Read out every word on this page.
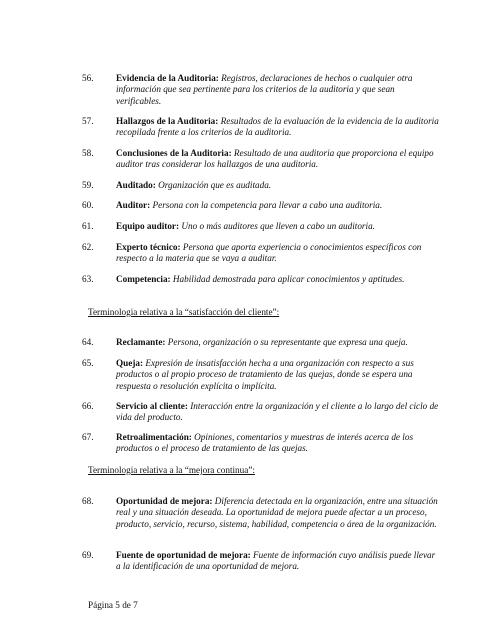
56. Evidencia de la Auditoria: Registros, declaraciones de hechos o cualquier otra información que sea pertinente para los criterios de la auditoria y que sean verificables.
57. Hallazgos de la Auditoria: Resultados de la evaluación de la evidencia de la auditoria recopilada frente a los criterios de la auditoria.
58. Conclusiones de la Auditoria: Resultado de una auditoria que proporciona el equipo auditor tras considerar los hallazgos de una auditoria.
59. Auditado: Organización que es auditada.
60. Auditor: Persona con la competencia para llevar a cabo una auditoria.
61. Equipo auditor: Uno o más auditores que lleven a cabo un auditoria.
62. Experto técnico: Persona que aporta experiencia o conocimientos específicos con respecto a la materia que se vaya a auditar.
63. Competencia: Habilidad demostrada para aplicar conocimientos y aptitudes.
Terminologia relativa a la “satisfacción del cliente”:
64. Reclamante: Persona, organización o su representante que expresa una queja.
65. Queja: Expresión de insatisfacción hecha a una organización con respecto a sus productos o al propio proceso de tratamiento de las quejas, donde se espera una respuesta o resolución explícita o implícita.
66. Servicio al cliente: Interacción entre la organización y el cliente a lo largo del ciclo de vida del producto.
67. Retroalimentación: Opiniones, comentarios y muestras de interés acerca de los productos o el proceso de tratamiento de las quejas.
Terminologia relativa a la “mejora continua”:
68. Oportunidad de mejora: Diferencia detectada en la organización, entre una situación real y una situación deseada. La oportunidad de mejora puede afectar a un proceso, producto, servicio, recurso, sistema, habilidad, competencia o área de la organización.
69. Fuente de oportunidad de mejora: Fuente de información cuyo análisis puede llevar a la identificación de una oportunidad de mejora.
Página 5 de 7
